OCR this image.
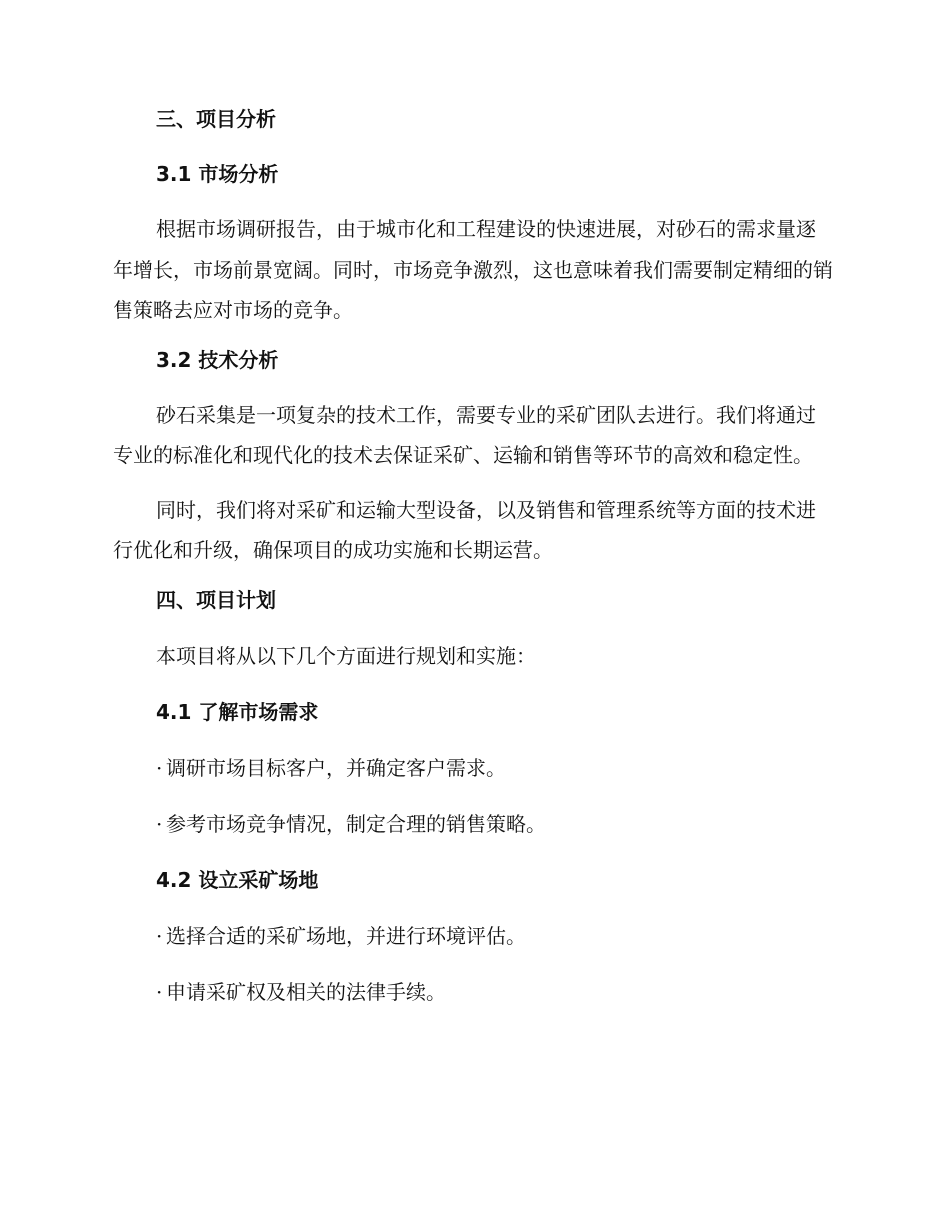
三、项目分析
3.1 市场分析

根据市场调研报告，由于城市化和工程建设的快速进展，对砂石的需求量逐年增长，市场前景宽阔。同时，市场竞争激烈，这也意味着我们需要制定精细的销售策略去应对市场的竞争。

3.2 技术分析

砂石采集是一项复杂的技术工作，需要专业的采矿团队去进行。我们将通过专业的标准化和现代化的技术去保证采矿、运输和销售等环节的高效和稳定性。

同时，我们将对采矿和运输大型设备，以及销售和管理系统等方面的技术进行优化和升级，确保项目的成功实施和长期运营。

四、项目计划

本项目将从以下几个方面进行规划和实施：

4.1 了解市场需求

· 调研市场目标客户，并确定客户需求。

· 参考市场竞争情况，制定合理的销售策略。

4.2 设立采矿场地

· 选择合适的采矿场地，并进行环境评估。

· 申请采矿权及相关的法律手续。
